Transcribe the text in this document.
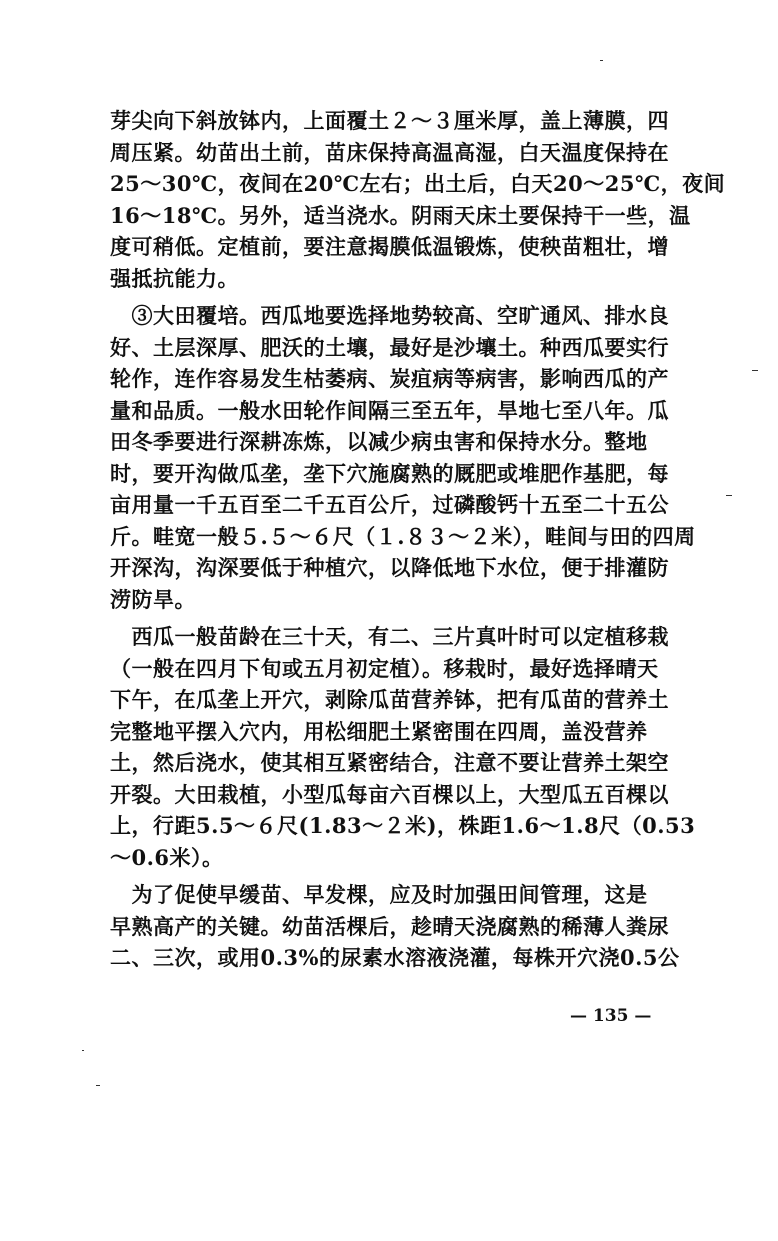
芽尖向下斜放钵内，上面覆土２～３厘米厚，盖上薄膜，四
周压紧。幼苗出土前，苗床保持高温高湿，白天温度保持在
25～30℃，夜间在20℃左右；出土后，白天20～25℃，夜间
16～18℃。另外，适当浇水。阴雨天床土要保持干一些，温
度可稍低。定植前，要注意揭膜低温锻炼，使秧苗粗壮，增
强抵抗能力。

　③大田覆培。西瓜地要选择地势较高、空旷通风、排水良
好、土层深厚、肥沃的土壤，最好是沙壤土。种西瓜要实行
轮作，连作容易发生枯萎病、炭疽病等病害，影响西瓜的产
量和品质。一般水田轮作间隔三至五年，旱地七至八年。瓜
田冬季要进行深耕冻炼，以减少病虫害和保持水分。整地
时，要开沟做瓜垄，垄下穴施腐熟的厩肥或堆肥作基肥，每
亩用量一千五百至二千五百公斤，过磷酸钙十五至二十五公
斤。畦宽一般５.５～６尺（１.８３～２米），畦间与田的四周
开深沟，沟深要低于种植穴，以降低地下水位，便于排灌防
涝防旱。

　西瓜一般苗龄在三十天，有二、三片真叶时可以定植移栽
（一般在四月下旬或五月初定植）。移栽时，最好选择晴天
下午，在瓜垄上开穴，剥除瓜苗营养钵，把有瓜苗的营养土
完整地平摆入穴内，用松细肥土紧密围在四周，盖没营养
土，然后浇水，使其相互紧密结合，注意不要让营养土架空
开裂。大田栽植，小型瓜每亩六百棵以上，大型瓜五百棵以
上，行距5.5～６尺(1.83～２米)，株距1.6～1.8尺（0.53
～0.6米）。

　为了促使早缓苗、早发棵，应及时加强田间管理，这是
早熟高产的关键。幼苗活棵后，趁晴天浇腐熟的稀薄人粪尿
二、三次，或用0.3%的尿素水溶液浇灌，每株开穴浇0.5公

— 135 —
